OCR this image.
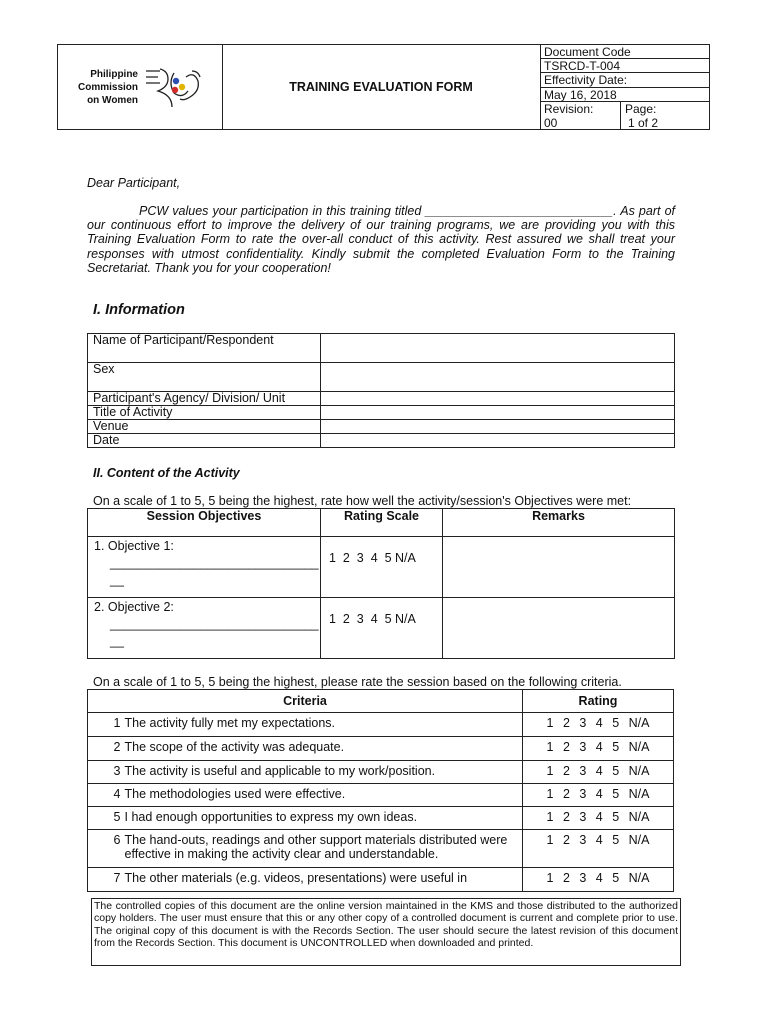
Philippine
Commission
on Women
TRAINING EVALUATION FORM
Document Code
TSRCD-T-004
Effectivity Date:
May 16, 2018
Revision:
00
Page:
1 of 2
Dear Participant,
PCW values your participation in this training titled ___________________________. As part of our continuous effort to improve the delivery of our training programs, we are providing you with this Training Evaluation Form to rate the over-all conduct of this activity. Rest assured we shall treat your responses with utmost confidentiality. Kindly submit the completed Evaluation Form to the Training Secretariat. Thank you for your cooperation!
I. Information
Name of Participant/Respondent	
Sex	
Participant's Agency/ Division/ Unit	
Title of Activity	
Venue	
Date	
II. Content of the Activity
On a scale of 1 to 5, 5 being the highest, rate how well the activity/session's Objectives were met:
Session Objectives	Rating Scale	Remarks

1. Objective 1:
______________________________
__	1  2  3  4  5 N/A	

2. Objective 2:
______________________________
__	1  2  3  4  5 N/A	
On a scale of 1 to 5, 5 being the highest, please rate the session based on the following criteria.
Criteria		Rating
1	The activity fully met my expectations.	1 2 3 4 5 N/A
2	The scope of the activity was adequate.	1 2 3 4 5 N/A
3	The activity is useful and applicable to my work/position.	1 2 3 4 5 N/A
4	The methodologies used were effective.	1 2 3 4 5 N/A
5	I had enough opportunities to express my own ideas.	1 2 3 4 5 N/A
6	The hand-outs, readings and other support materials distributed were effective in making the activity clear and understandable.	1 2 3 4 5 N/A
7	The other materials (e.g. videos, presentations) were useful in	1 2 3 4 5 N/A
The controlled copies of this document are the online version maintained in the KMS and those distributed to the authorized copy holders. The user must ensure that this or any other copy of a controlled document is current and complete prior to use. The original copy of this document is with the Records Section. The user should secure the latest revision of this document from the Records Section. This document is UNCONTROLLED when downloaded and printed.
